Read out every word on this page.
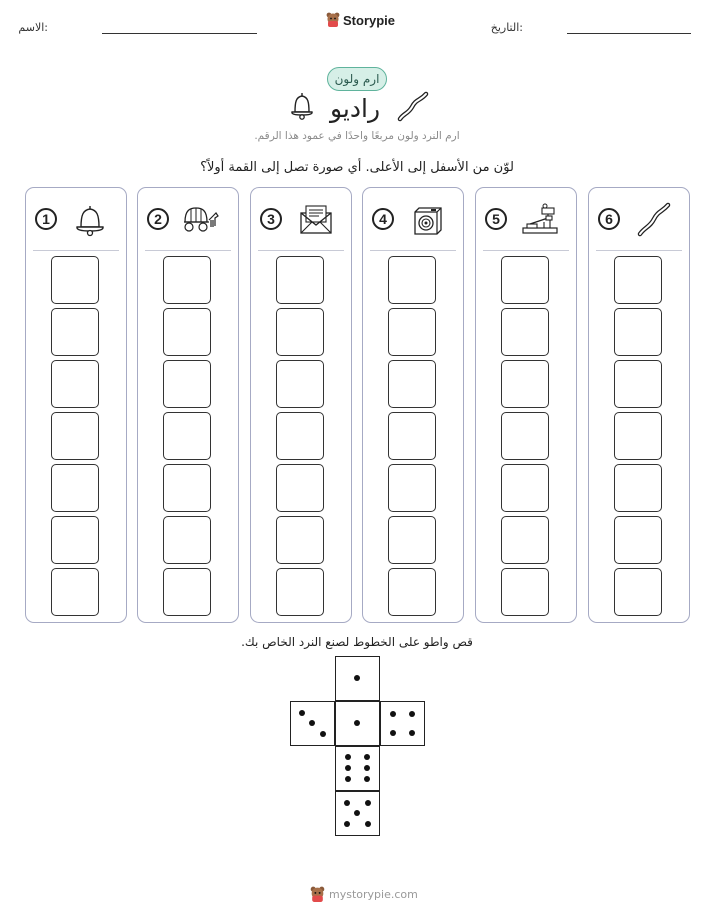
الاسم:	Storypie	التاريخ:
ارم ولون
راديو
ارم النرد ولون مربعًا واحدًا في عمود هذا الرقم.
لوّن من الأسفل إلى الأعلى. أي صورة تصل إلى القمة أولاً؟
1	2	3	4	5	6
قص واطو على الخطوط لصنع النرد الخاص بك.
mystorypie.com
